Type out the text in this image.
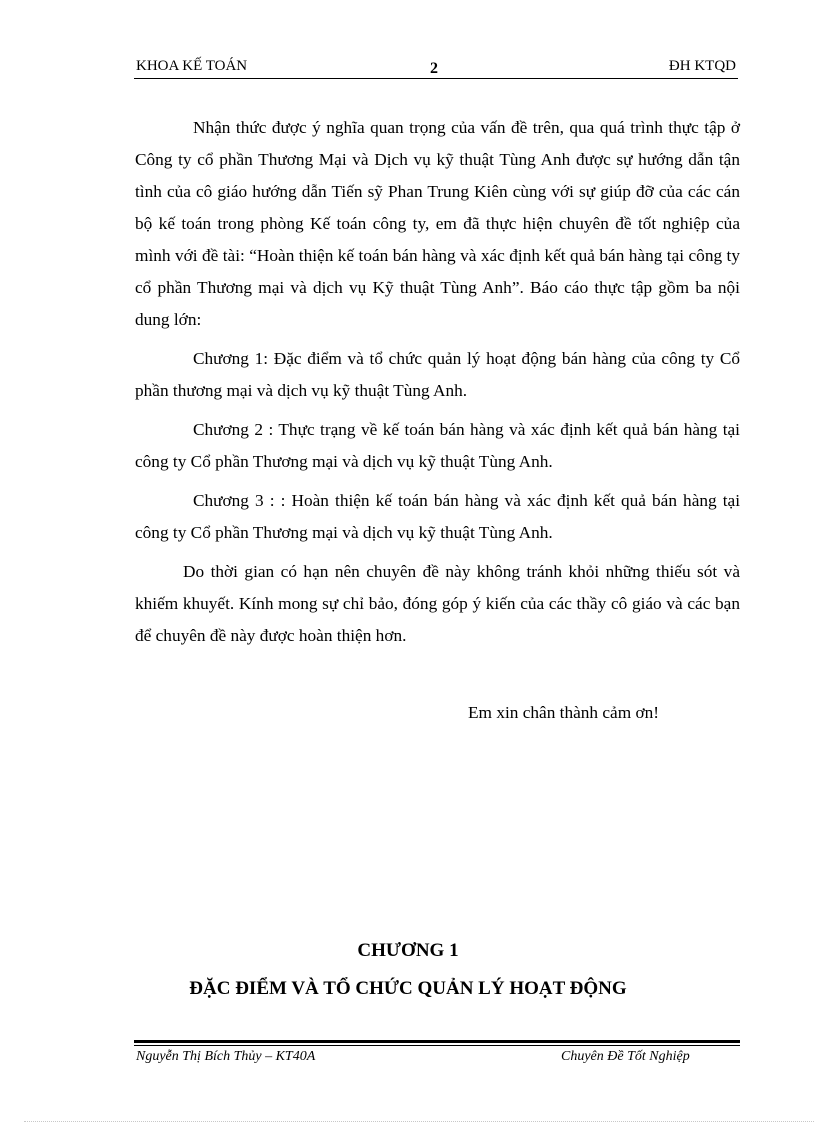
KHOA KẾ TOÁN	2	ĐH KTQD

Nhận thức được ý nghĩa quan trọng của vấn đề trên, qua quá trình thực tập ở Công ty cổ phần Thương Mại và Dịch vụ kỹ thuật Tùng Anh được sự hướng dẫn tận tình của cô giáo hướng dẫn Tiến sỹ Phan Trung Kiên cùng với sự giúp đỡ của các cán bộ kế toán trong phòng Kế toán công ty, em đã thực hiện chuyên đề tốt nghiệp của mình với đề tài: “Hoàn thiện kế toán bán hàng và xác định kết quả bán hàng tại công ty cổ phần Thương mại và dịch vụ Kỹ thuật Tùng Anh”. Báo cáo thực tập gồm ba nội dung lớn:

Chương 1: Đặc điểm và tổ chức quản lý hoạt động bán hàng của công ty Cổ phần thương mại và dịch vụ kỹ thuật Tùng Anh.

Chương 2 : Thực trạng về kế toán bán hàng và xác định kết quả bán hàng tại công ty Cổ phần Thương mại và dịch vụ kỹ thuật Tùng Anh.

Chương 3 : : Hoàn thiện kế toán bán hàng và xác định kết quả bán hàng tại công ty Cổ phần Thương mại và dịch vụ kỹ thuật Tùng Anh.

Do thời gian có hạn nên chuyên đề này không tránh khỏi những thiếu sót và khiếm khuyết. Kính mong sự chỉ bảo, đóng góp ý kiến của các thầy cô giáo và các bạn để chuyên đề này được hoàn thiện hơn.

Em xin chân thành cảm ơn!
CHƯƠNG 1
ĐẶC ĐIỂM VÀ TỔ CHỨC QUẢN LÝ HOẠT ĐỘNG
Nguyễn Thị Bích Thủy – KT40A	Chuyên Đề Tốt Nghiệp
